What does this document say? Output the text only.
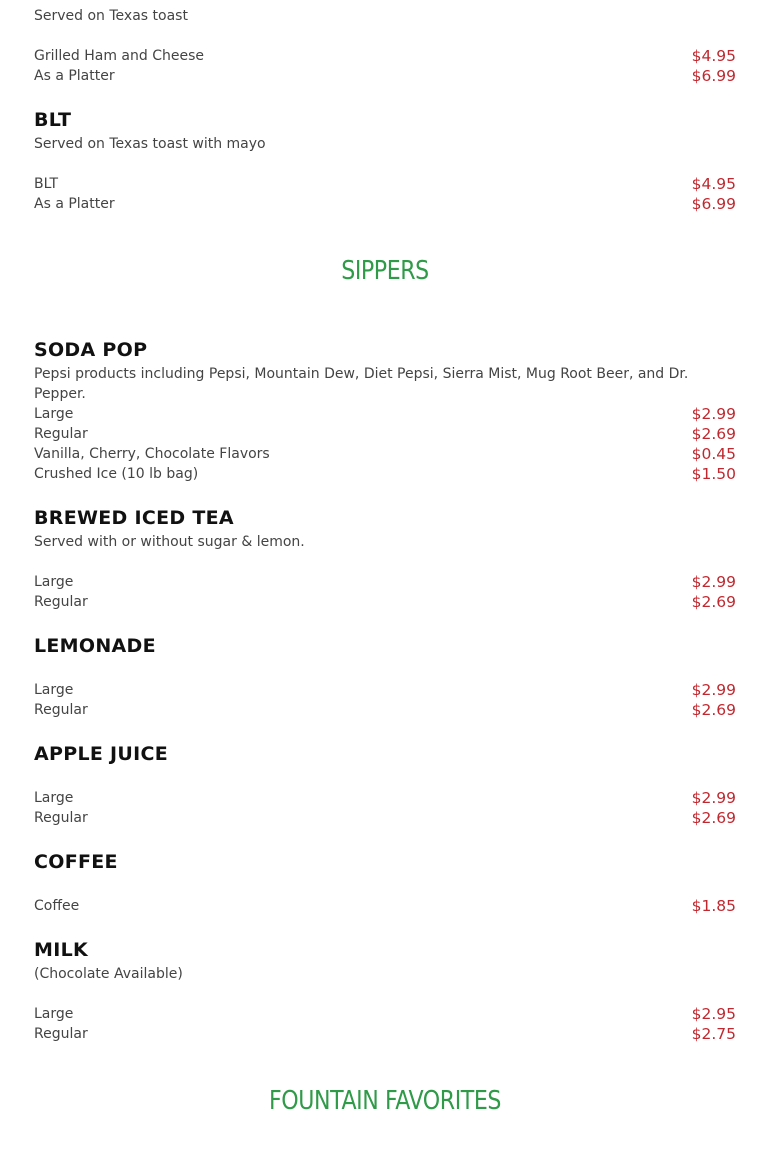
Served on Texas toast
Grilled Ham and Cheese	$4.95
As a Platter	$6.99
BLT
Served on Texas toast with mayo
BLT	$4.95
As a Platter	$6.99
SIPPERS
SODA POP
Pepsi products including Pepsi, Mountain Dew, Diet Pepsi, Sierra Mist, Mug Root Beer, and Dr. Pepper.
Large	$2.99
Regular	$2.69
Vanilla, Cherry, Chocolate Flavors	$0.45
Crushed Ice (10 lb bag)	$1.50
BREWED ICED TEA
Served with or without sugar & lemon.
Large	$2.99
Regular	$2.69
LEMONADE
Large	$2.99
Regular	$2.69
APPLE JUICE
Large	$2.99
Regular	$2.69
COFFEE
Coffee	$1.85
MILK
(Chocolate Available)
Large	$2.95
Regular	$2.75
FOUNTAIN FAVORITES
